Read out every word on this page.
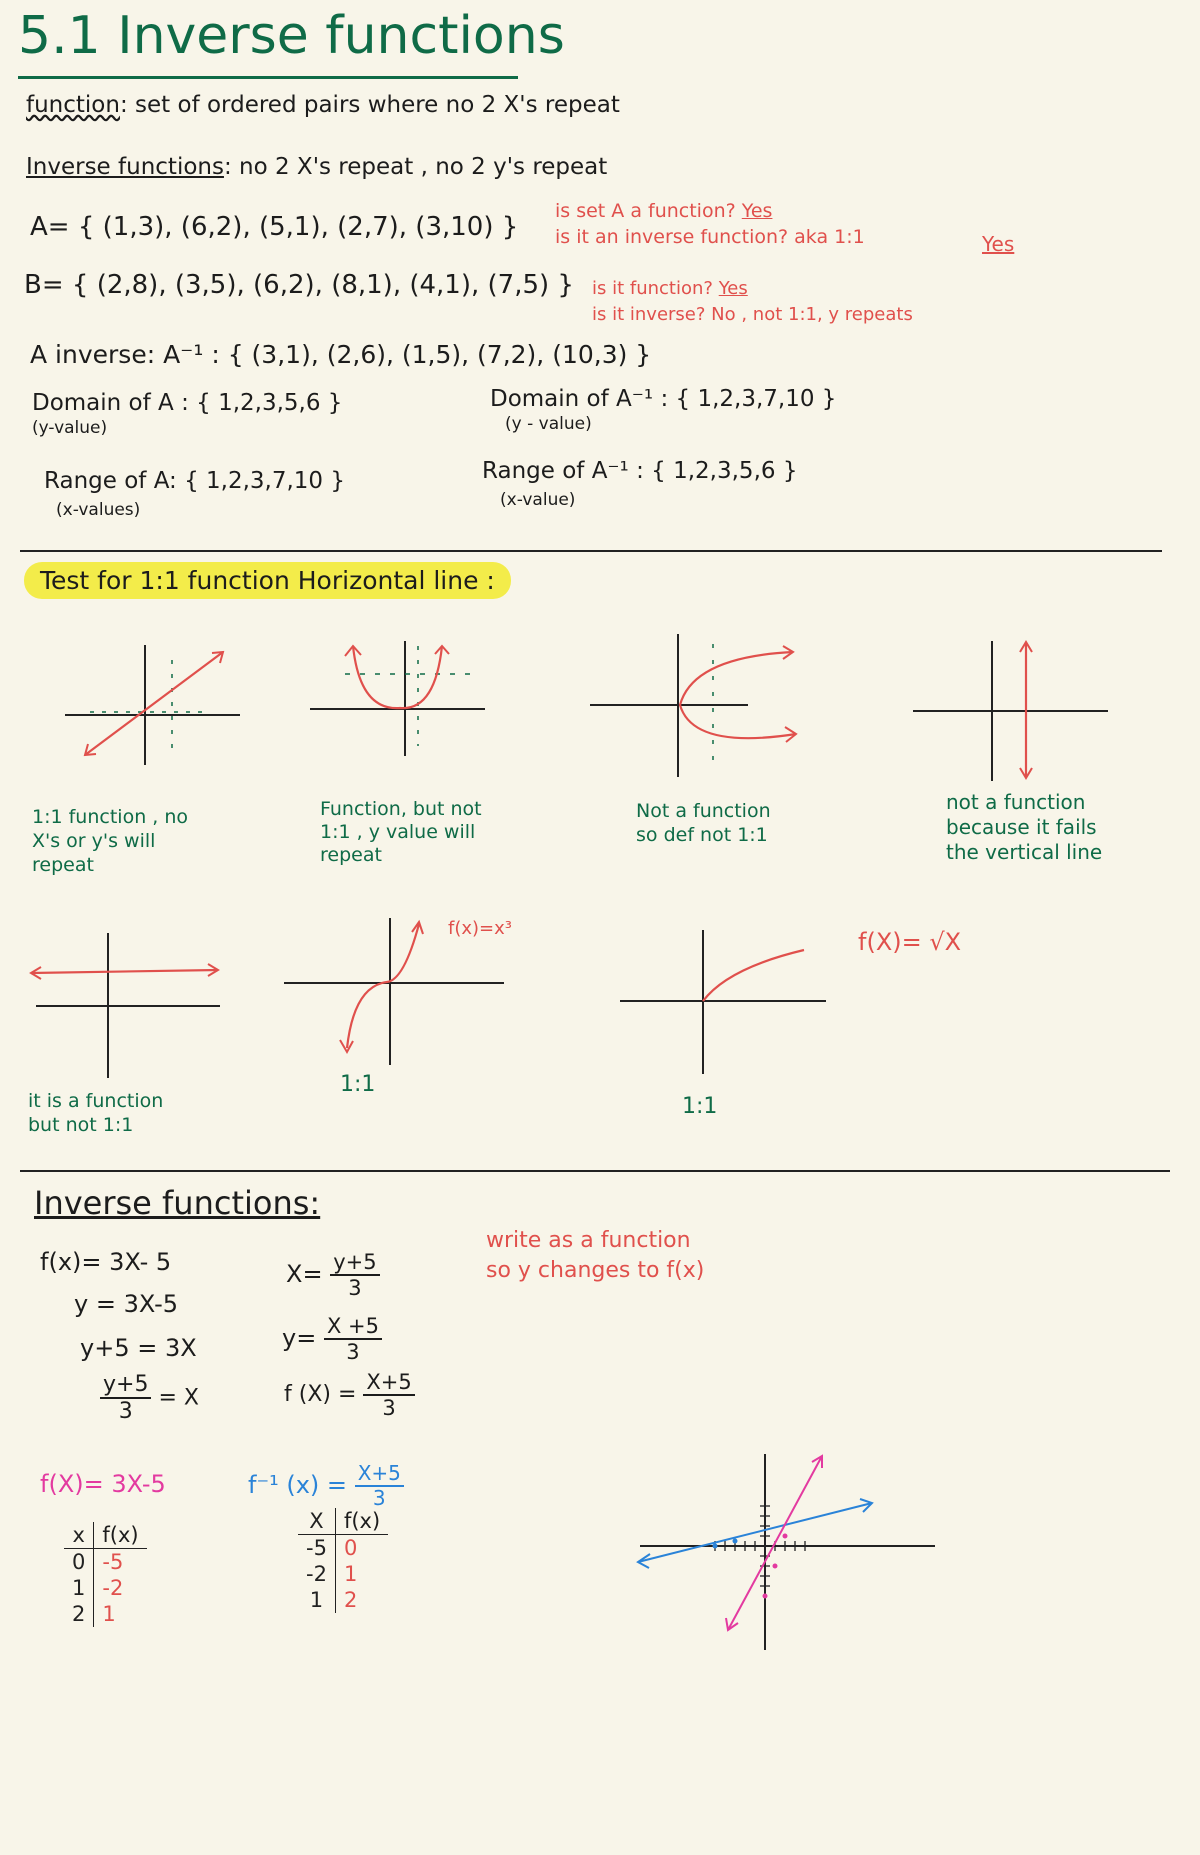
5.1 Inverse functions
function: set of ordered pairs where no 2 X's repeat
Inverse functions: no 2 X's repeat , no 2 y's repeat
A= { (1,3), (6,2), (5,1), (2,7), (3,10) }
is set A a function? Yes
is it an inverse function? aka 1:1	Yes
B= { (2,8), (3,5), (6,2), (8,1), (4,1), (7,5) } is it function? Yes
is it inverse? No , not 1:1, y repeats
A inverse: A⁻¹ : { (3,1), (2,6), (1,5), (7,2), (10,3) }
Domain of A : { 1,2,3,5,6 }
(y-value)
Domain of A⁻¹ : { 1,2,3,7,10 }
(y - value)
Range of A: { 1,2,3,7,10 }
(x-values)
Range of A⁻¹ : { 1,2,3,5,6 }
(x-value)
Test for 1:1 function Horizontal line :
1:1 function , no
X's or y's will
repeat
Function, but not
1:1 , y value will
repeat
Not a function
so def not 1:1
not a function
because it fails
the vertical line
it is a function
but not 1:1
f(x)=x³
1:1
1:1
f(X)= √X
Inverse functions:
f(x)= 3X- 5
y = 3X-5
y+5 = 3X
$\frac{y+5}{3} = X$
$X= \frac{y+5}{3}$
$y= \frac{X +5}{3}$
f $(X) = \frac{X+5}{3}$
write as a function
so y changes to f(x)
f(X)= 3X-5	f⁻¹ $(x) = \frac{X+5}{3}$
x	f(x)
0	-5
1	-2
2	1
X	f(x)
-5	0
-2	1
1	2
